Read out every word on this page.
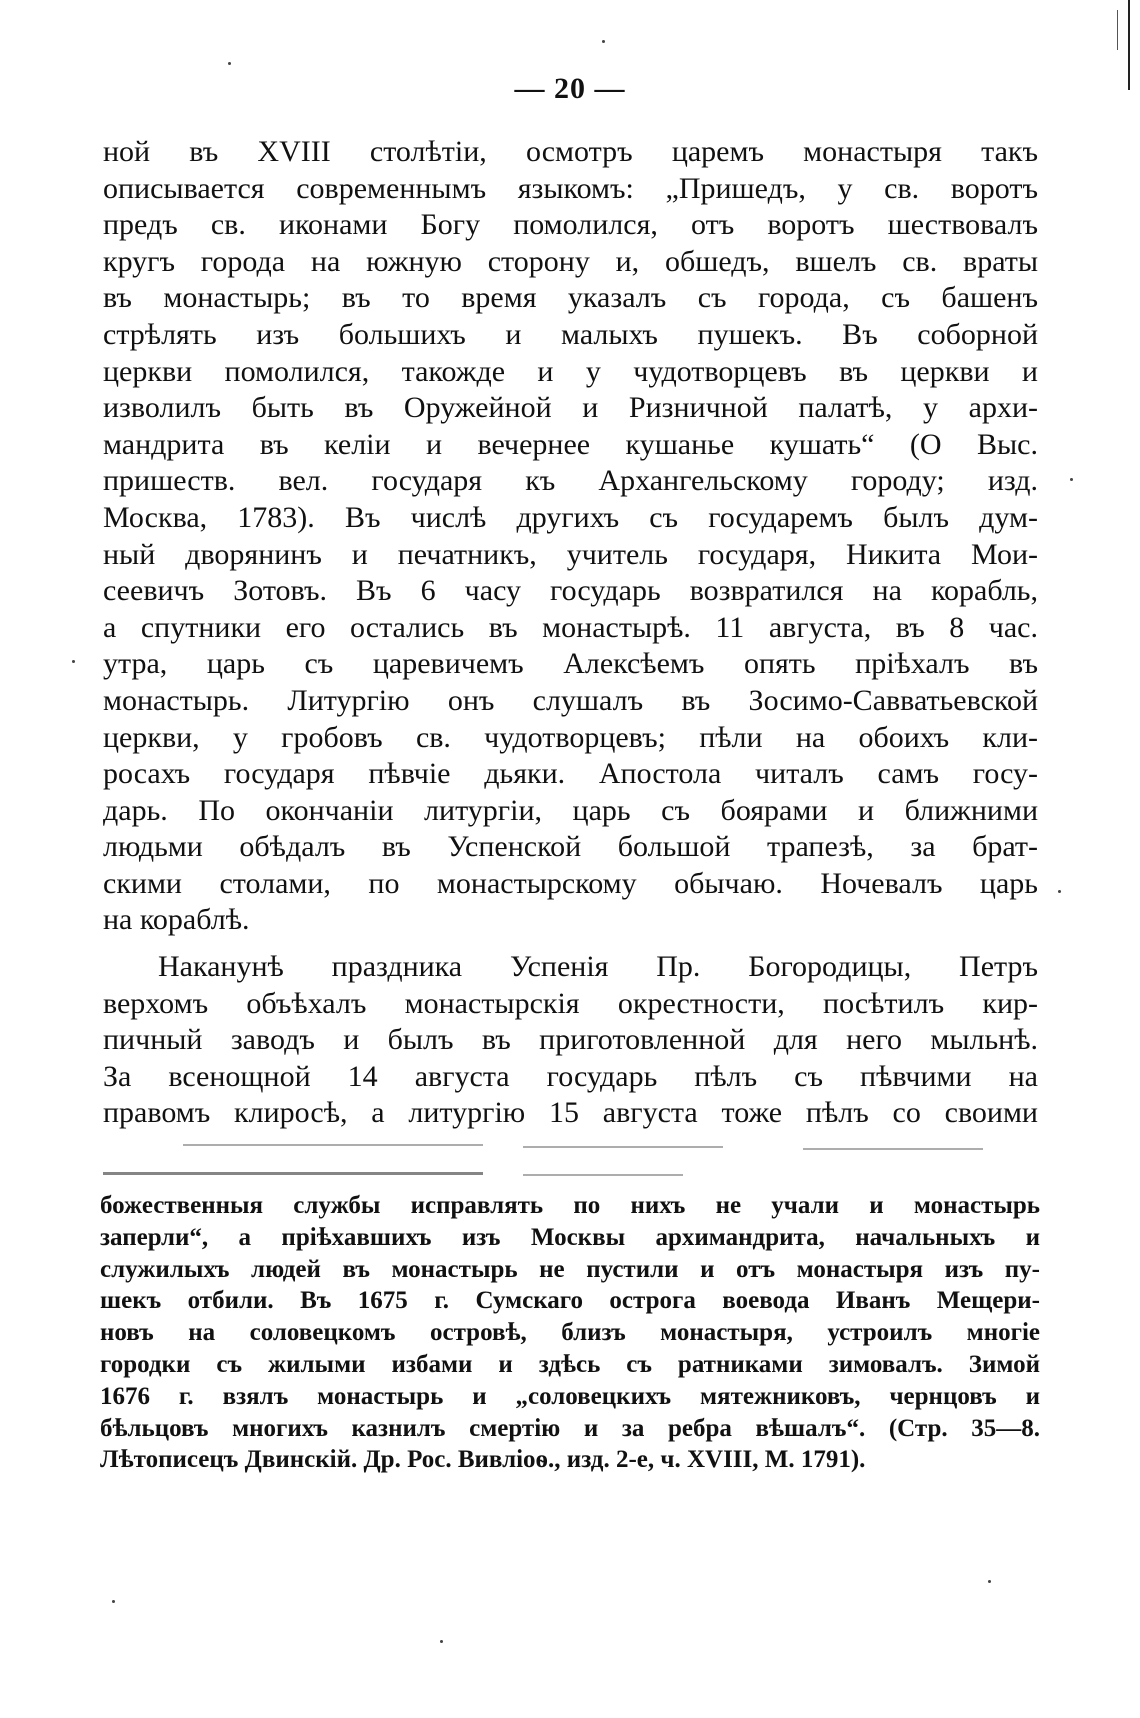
— 20 —
ной въ XVIII столѣтіи, осмотръ царемъ монастыря такъ
описывается современнымъ языкомъ: „Пришедъ, у св. воротъ
предъ св. иконами Богу помолился, отъ воротъ шествовалъ
кругъ города на южную сторону и, обшедъ, вшелъ св. враты
въ монастырь; въ то время указалъ съ города, съ башенъ
стрѣлять изъ большихъ и малыхъ пушекъ. Въ соборной
церкви помолился, такожде и у чудотворцевъ въ церкви и
изволилъ быть въ Оружейной и Ризничной палатѣ, у архи-
мандрита въ келіи и вечернее кушанье кушать“ (О Выс.
пришеств. вел. государя къ Архангельскому городу; изд.
Москва, 1783). Въ числѣ другихъ съ государемъ былъ дум-
ный дворянинъ и печатникъ, учитель государя, Никита Мои-
сеевичъ Зотовъ. Въ 6 часу государь возвратился на корабль,
а спутники его остались въ монастырѣ. 11 августа, въ 8 час.
утра, царь съ царевичемъ Алексѣемъ опять пріѣхалъ въ
монастырь. Литургію онъ слушалъ въ Зосимо-Савватьевской
церкви, у гробовъ св. чудотворцевъ; пѣли на обоихъ кли-
росахъ государя пѣвчіе дьяки. Апостола читалъ самъ госу-
дарь. По окончаніи литургіи, царь съ боярами и ближними
людьми обѣдалъ въ Успенской большой трапезѣ, за брат-
скими столами, по монастырскому обычаю. Ночевалъ царь
на кораблѣ.
Наканунѣ праздника Успенія Пр. Богородицы, Петръ
верхомъ объѣхалъ монастырскія окрестности, посѣтилъ кир-
пичный заводъ и былъ въ приготовленной для него мыльнѣ.
За всенощной 14 августа государь пѣлъ съ пѣвчими на
правомъ клиросѣ, а литургію 15 августа тоже пѣлъ со своими
божественныя службы исправлять по нихъ не учали и монастырь
заперли“, а пріѣхавшихъ изъ Москвы архимандрита, начальныхъ и
служилыхъ людей въ монастырь не пустили и отъ монастыря изъ пу-
шекъ отбили. Въ 1675 г. Сумскаго острога воевода Иванъ Мещери-
новъ на соловецкомъ островѣ, близъ монастыря, устроилъ многіе
городки съ жилыми избами и здѣсь съ ратниками зимовалъ. Зимой
1676 г. взялъ монастырь и „соловецкихъ мятежниковъ, чернцовъ и
бѣльцовъ многихъ казнилъ смертію и за ребра вѣшалъ“. (Стр. 35—8.
Лѣтописецъ Двинскій. Др. Рос. Вивліоѳ., изд. 2-е, ч. XVIII, М. 1791).
